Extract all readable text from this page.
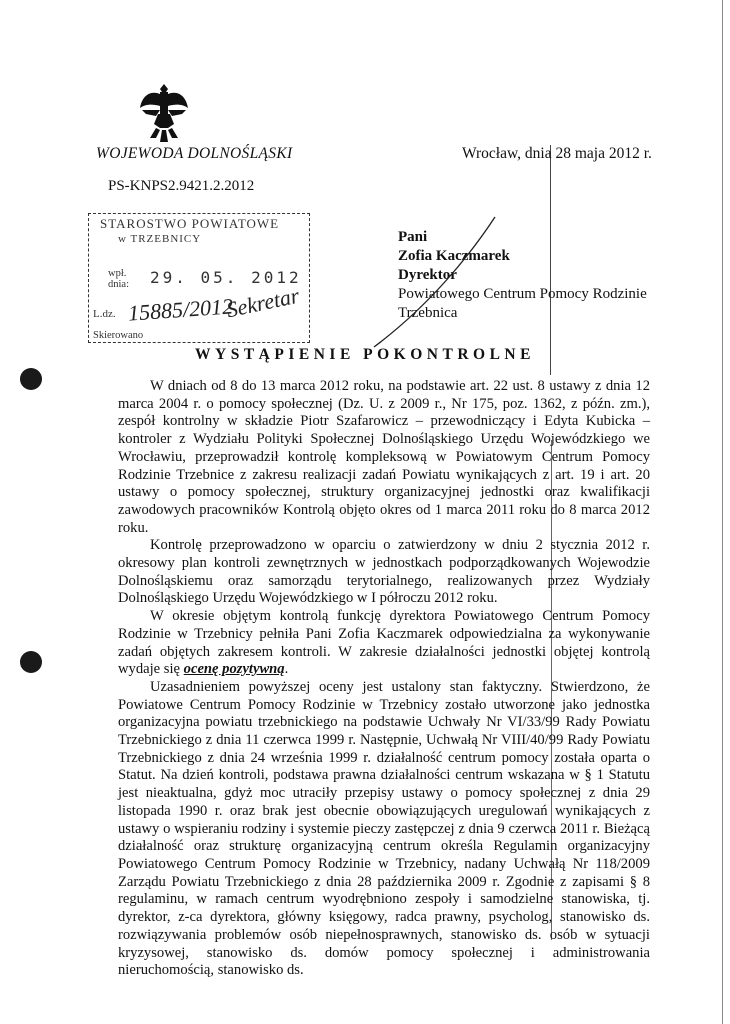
WOJEWODA DOLNOŚLĄSKI	Wrocław, dnia 28 maja 2012 r.
PS-KNPS2.9421.2.2012
STAROSTWO POWIATOWE
w TRZEBNICY
wpł. dnia:	29. 05. 2012
L.dz. 15885/2012
Sekretar
Skierowano
Pani
Zofia Kaczmarek
Dyrektor
Powiatowego Centrum Pomocy Rodzinie
Trzebnica
WYSTĄPIENIE POKONTROLNE

W dniach od 8 do 13 marca 2012 roku, na podstawie art. 22 ust. 8 ustawy z dnia 12 marca 2004 r. o pomocy społecznej (Dz. U. z 2009 r., Nr 175, poz. 1362, z późn. zm.), zespół kontrolny w składzie Piotr Szafarowicz – przewodniczący i Edyta Kubicka – kontroler z Wydziału Polityki Społecznej Dolnośląskiego Urzędu Wojewódzkiego we Wrocławiu, przeprowadził kontrolę kompleksową w Powiatowym Centrum Pomocy Rodzinie Trzebnice z zakresu realizacji zadań Powiatu wynikających z art. 19 i art. 20 ustawy o pomocy społecznej, struktury organizacyjnej jednostki oraz kwalifikacji zawodowych pracowników Kontrolą objęto okres od 1 marca 2011 roku do 8 marca 2012 roku.

Kontrolę przeprowadzono w oparciu o zatwierdzony w dniu 2 stycznia 2012 r. okresowy plan kontroli zewnętrznych w jednostkach podporządkowanych Wojewodzie Dolnośląskiemu oraz samorządu terytorialnego, realizowanych przez Wydziały Dolnośląskiego Urzędu Wojewódzkiego w I półroczu 2012 roku.

W okresie objętym kontrolą funkcję dyrektora Powiatowego Centrum Pomocy Rodzinie w Trzebnicy pełniła Pani Zofia Kaczmarek odpowiedzialna za wykonywanie zadań objętych zakresem kontroli. W zakresie działalności jednostki objętej kontrolą wydaje się ocenę pozytywną.

Uzasadnieniem powyższej oceny jest ustalony stan faktyczny. Stwierdzono, że Powiatowe Centrum Pomocy Rodzinie w Trzebnicy zostało utworzone jako jednostka organizacyjna powiatu trzebnickiego na podstawie Uchwały Nr VI/33/99 Rady Powiatu Trzebnickiego z dnia 11 czerwca 1999 r. Następnie, Uchwałą Nr VIII/40/99 Rady Powiatu Trzebnickiego z dnia 24 września 1999 r. działalność centrum pomocy została oparta o Statut. Na dzień kontroli, podstawa prawna działalności centrum wskazana w § 1 Statutu jest nieaktualna, gdyż moc utraciły przepisy ustawy o pomocy społecznej z dnia 29 listopada 1990 r. oraz brak jest obecnie obowiązujących uregulowań wynikających z ustawy o wspieraniu rodziny i systemie pieczy zastępczej z dnia 9 czerwca 2011 r. Bieżącą działalność oraz strukturę organizacyjną centrum określa Regulamin organizacyjny Powiatowego Centrum Pomocy Rodzinie w Trzebnicy, nadany Uchwałą Nr 118/2009 Zarządu Powiatu Trzebnickiego z dnia 28 października 2009 r. Zgodnie z zapisami § 8 regulaminu, w ramach centrum wyodrębniono zespoły i samodzielne stanowiska, tj. dyrektor, z-ca dyrektora, główny księgowy, radca prawny, psycholog, stanowisko ds. rozwiązywania problemów osób niepełnosprawnych, stanowisko ds. osób w sytuacji kryzysowej, stanowisko ds. domów pomocy społecznej i administrowania nieruchomością, stanowisko ds.
